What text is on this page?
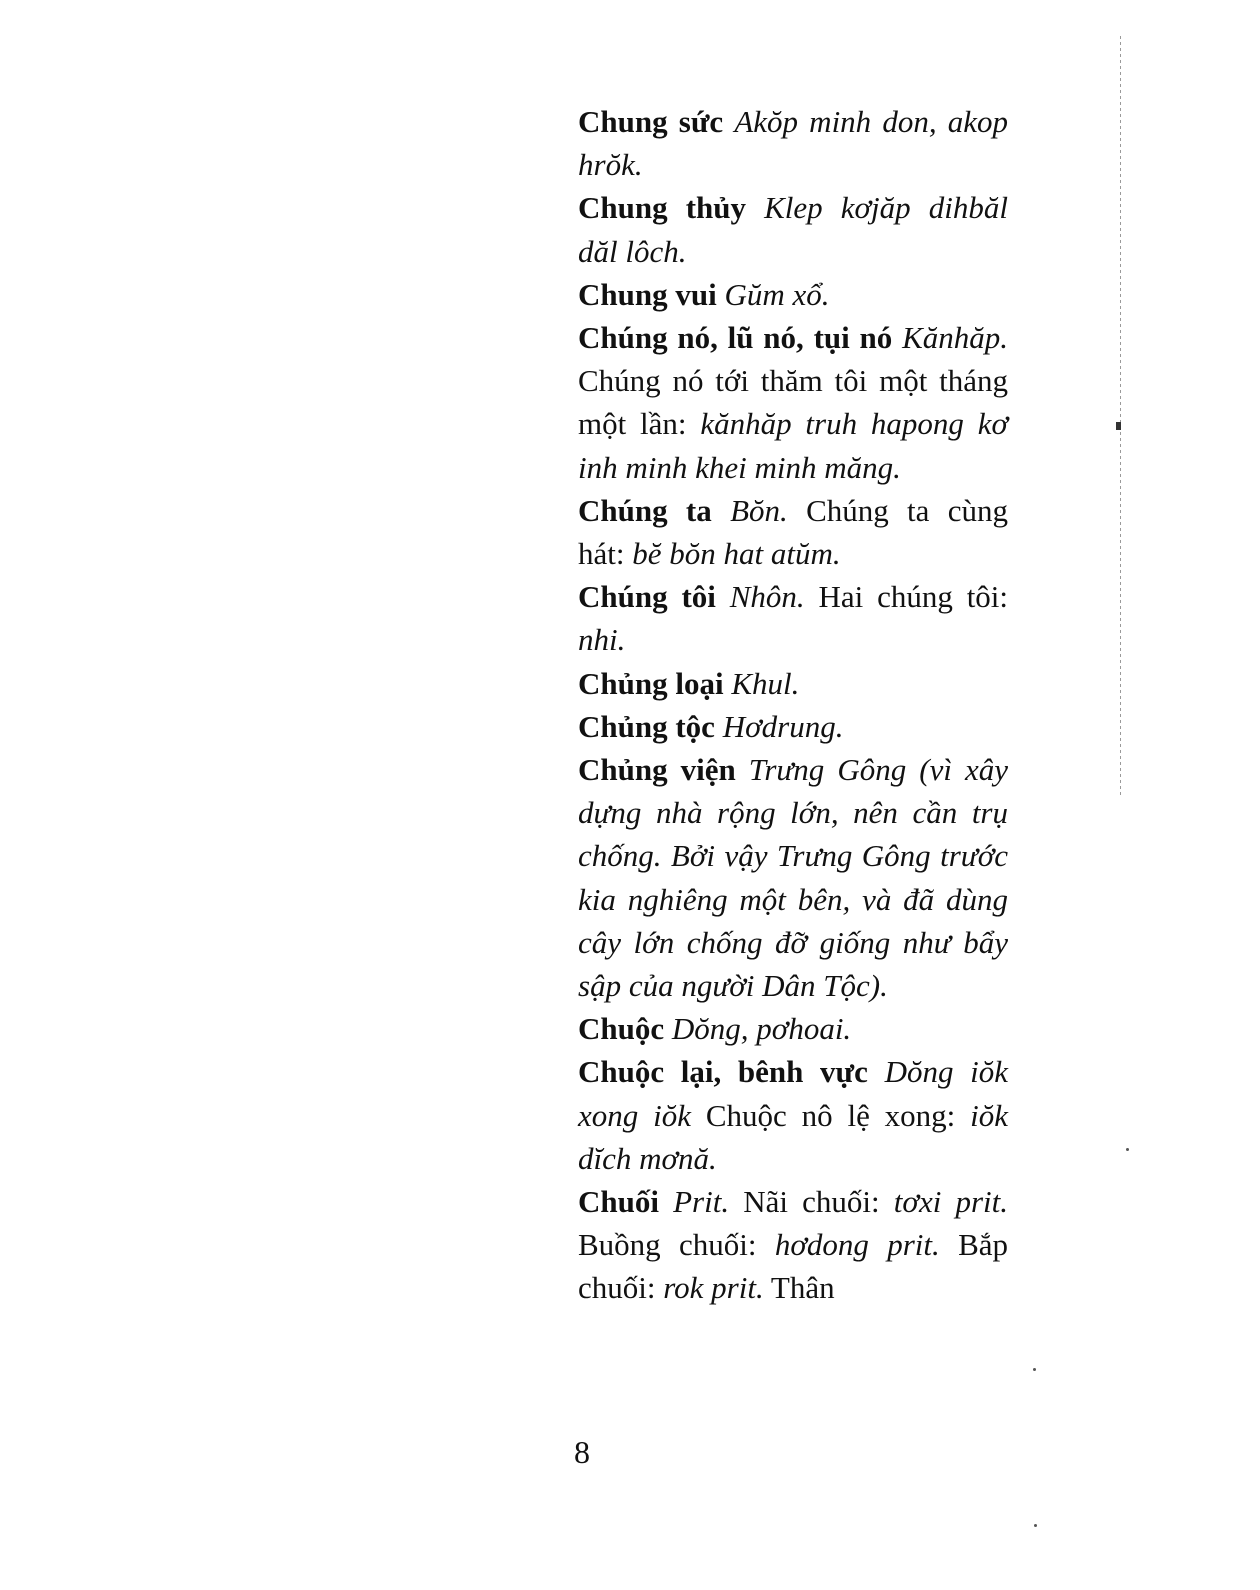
Chung sức Akŏp minh don, akop hrŏk.

Chung thủy Klep kơjăp dihbăl dăl lôch.

Chung vui Gŭm xổ.

Chúng nó, lũ nó, tụi nó Kănhăp. Chúng nó tới thăm tôi một tháng một lần: kănhăp truh hapong kơ inh minh khei minh măng.

Chúng ta Bŏn. Chúng ta cùng hát: bĕ bŏn hat atŭm.

Chúng tôi Nhôn. Hai chúng tôi: nhi.

Chủng loại Khul.

Chủng tộc Hơdrung.

Chủng viện Trưng Gông (vì xây dựng nhà rộng lớn, nên cần trụ chống. Bởi vậy Trưng Gông trước kia nghiêng một bên, và đã dùng cây lớn chống đỡ giống như bẩy sập của người Dân Tộc).

Chuộc Dŏng, pơhoai.

Chuộc lại, bênh vực Dŏng iŏk xong iŏk Chuộc nô lệ xong: iŏk dĭch mơnă.

Chuối Prit. Nãi chuối: tơxi prit. Buồng chuối: hơdong prit. Bắp chuối: rok prit. Thân

8
